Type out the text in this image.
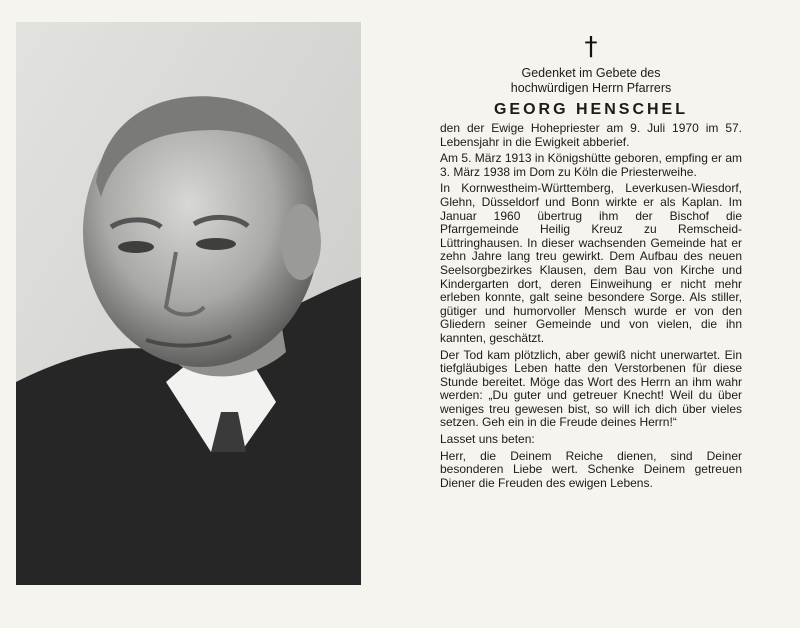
†

Gedenket im Gebete des

hochwürdigen Herrn Pfarrers

GEORG HENSCHEL

den der Ewige Hohepriester am 9. Juli 1970 im 57. Lebensjahr in die Ewigkeit abberief.

Am 5. März 1913 in Königshütte geboren, empfing er am 3. März 1938 im Dom zu Köln die Priesterweihe.

In Kornwestheim-Württemberg, Leverkusen-Wiesdorf, Glehn, Düsseldorf und Bonn wirkte er als Kaplan. Im Januar 1960 übertrug ihm der Bischof die Pfarrgemeinde Heilig Kreuz zu Remscheid-Lüttringhausen. In dieser wachsenden Gemeinde hat er zehn Jahre lang treu gewirkt. Dem Aufbau des neuen Seelsorgbezirkes Klausen, dem Bau von Kirche und Kindergarten dort, deren Einweihung er nicht mehr erleben konnte, galt seine besondere Sorge. Als stiller, gütiger und humorvoller Mensch wurde er von den Gliedern seiner Gemeinde und von vielen, die ihn kannten, geschätzt.

Der Tod kam plötzlich, aber gewiß nicht unerwartet. Ein tiefgläubiges Leben hatte den Verstorbenen für diese Stunde bereitet. Möge das Wort des Herrn an ihm wahr werden: „Du guter und getreuer Knecht! Weil du über weniges treu gewesen bist, so will ich dich über vieles setzen. Geh ein in die Freude deines Herrn!“

Lasset uns beten:

Herr, die Deinem Reiche dienen, sind Deiner besonderen Liebe wert. Schenke Deinem getreuen Diener die Freuden des ewigen Lebens.
